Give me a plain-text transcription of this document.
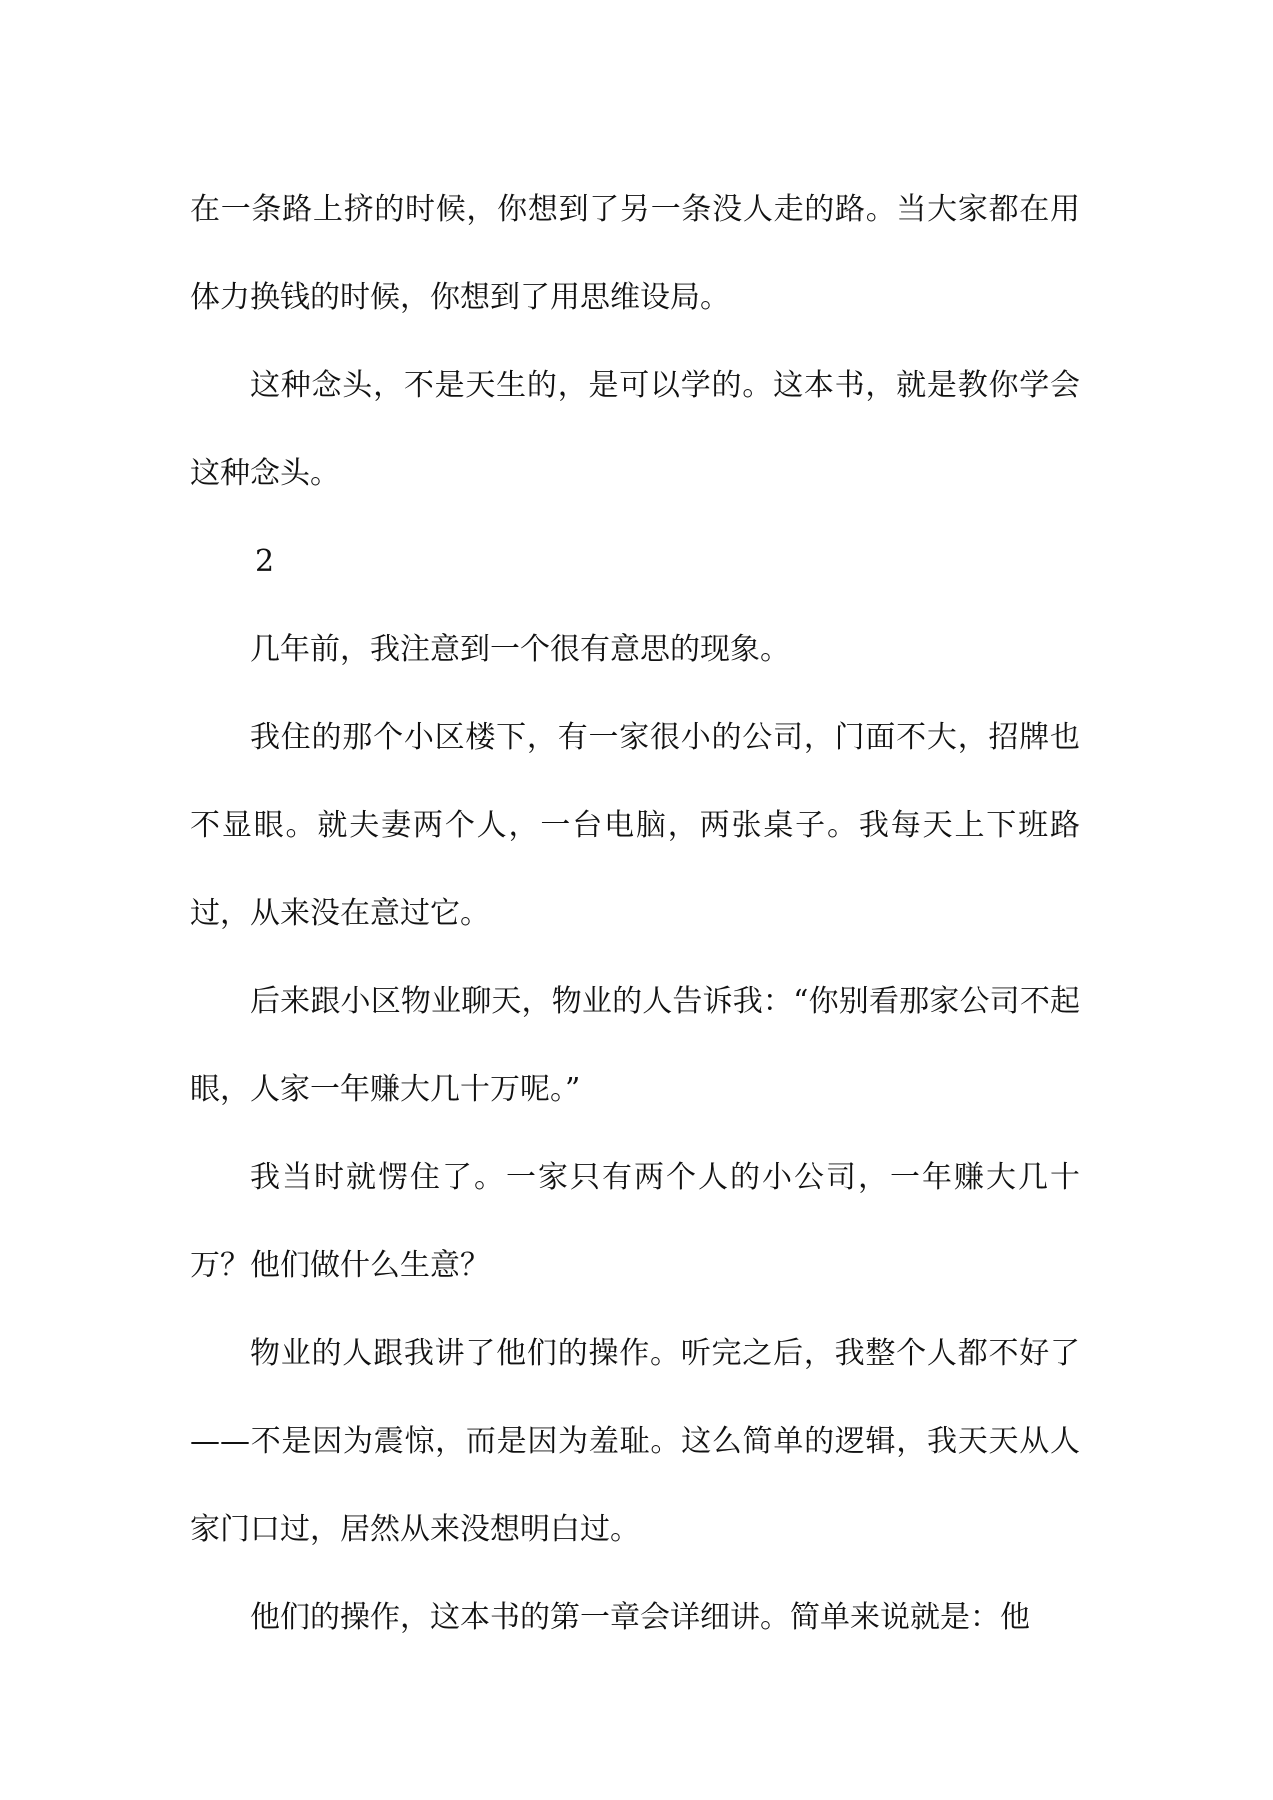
在一条路上挤的时候，你想到了另一条没人走的路。当大家都在用体力换钱的时候，你想到了用思维设局。

这种念头，不是天生的，是可以学的。这本书，就是教你学会这种念头。

2

几年前，我注意到一个很有意思的现象。

我住的那个小区楼下，有一家很小的公司，门面不大，招牌也不显眼。就夫妻两个人，一台电脑，两张桌子。我每天上下班路过，从来没在意过它。

后来跟小区物业聊天，物业的人告诉我：“你别看那家公司不起眼，人家一年赚大几十万呢。”

我当时就愣住了。一家只有两个人的小公司，一年赚大几十万？他们做什么生意？

物业的人跟我讲了他们的操作。听完之后，我整个人都不好了——不是因为震惊，而是因为羞耻。这么简单的逻辑，我天天从人家门口过，居然从来没想明白过。

他们的操作，这本书的第一章会详细讲。简单来说就是：他
